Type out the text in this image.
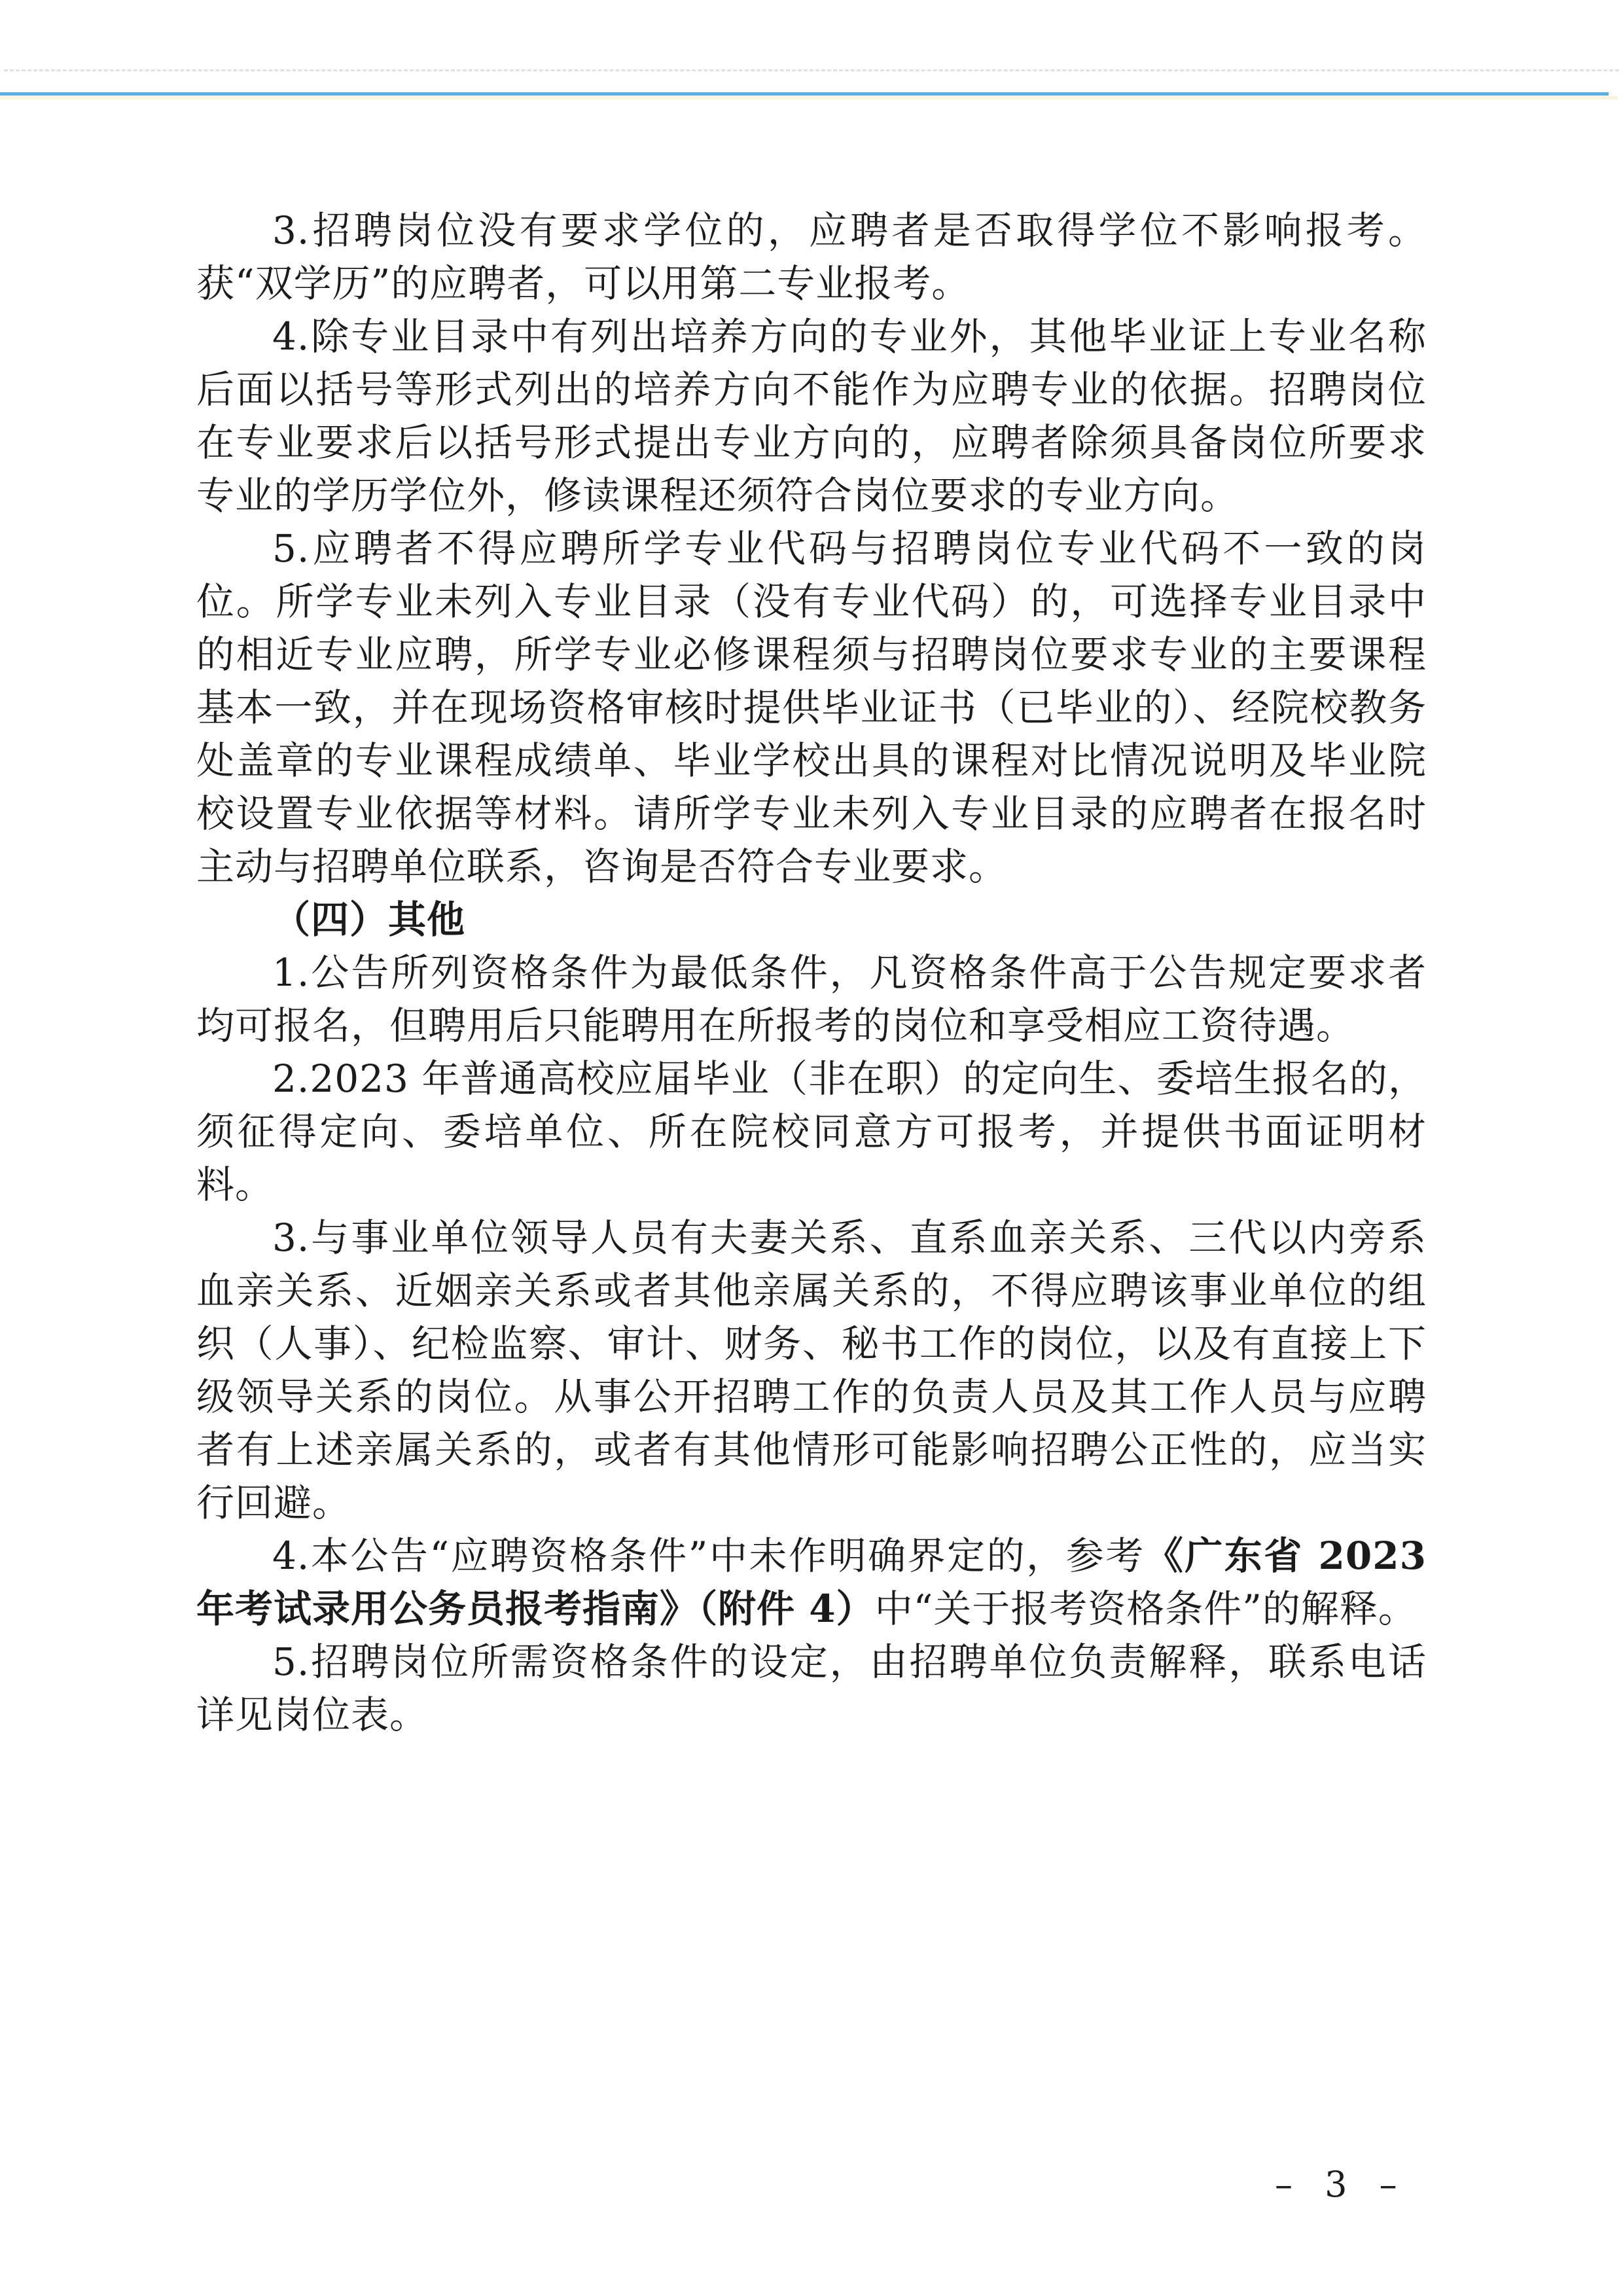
3.招聘岗位没有要求学位的，应聘者是否取得学位不影响报考。获“双学历”的应聘者，可以用第二专业报考。

4.除专业目录中有列出培养方向的专业外，其他毕业证上专业名称后面以括号等形式列出的培养方向不能作为应聘专业的依据。招聘岗位在专业要求后以括号形式提出专业方向的，应聘者除须具备岗位所要求专业的学历学位外，修读课程还须符合岗位要求的专业方向。

5.应聘者不得应聘所学专业代码与招聘岗位专业代码不一致的岗位。所学专业未列入专业目录（没有专业代码）的，可选择专业目录中的相近专业应聘，所学专业必修课程须与招聘岗位要求专业的主要课程基本一致，并在现场资格审核时提供毕业证书（已毕业的）、经院校教务处盖章的专业课程成绩单、毕业学校出具的课程对比情况说明及毕业院校设置专业依据等材料。请所学专业未列入专业目录的应聘者在报名时主动与招聘单位联系，咨询是否符合专业要求。

（四）其他

1.公告所列资格条件为最低条件，凡资格条件高于公告规定要求者均可报名，但聘用后只能聘用在所报考的岗位和享受相应工资待遇。

2.2023 年普通高校应届毕业（非在职）的定向生、委培生报名的，须征得定向、委培单位、所在院校同意方可报考，并提供书面证明材料。

3.与事业单位领导人员有夫妻关系、直系血亲关系、三代以内旁系血亲关系、近姻亲关系或者其他亲属关系的，不得应聘该事业单位的组织（人事）、纪检监察、审计、财务、秘书工作的岗位，以及有直接上下级领导关系的岗位。从事公开招聘工作的负责人员及其工作人员与应聘者有上述亲属关系的，或者有其他情形可能影响招聘公正性的，应当实行回避。

4.本公告“应聘资格条件”中未作明确界定的，参考《广东省 2023 年考试录用公务员报考指南》（附件 4）中“关于报考资格条件”的解释。

5.招聘岗位所需资格条件的设定，由招聘单位负责解释，联系电话详见岗位表。

– 3 –
